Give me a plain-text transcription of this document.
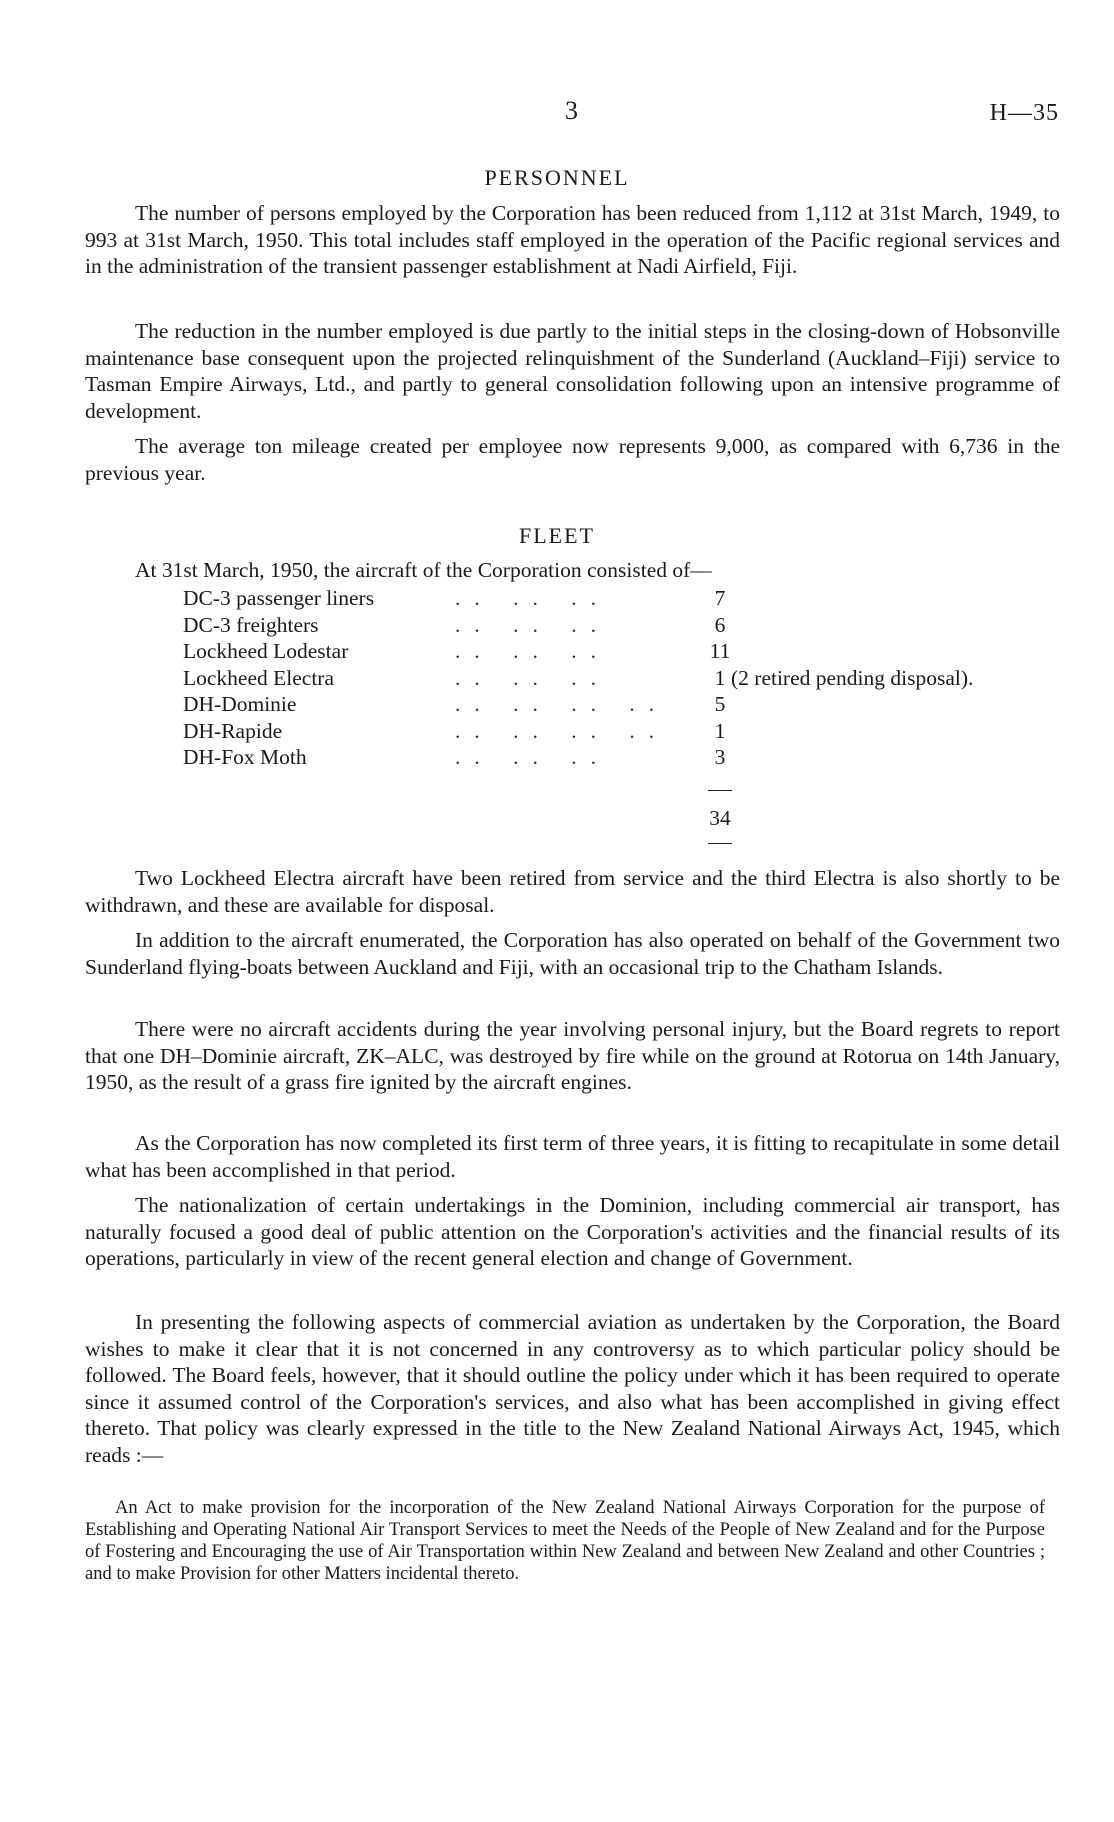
3	H—35
PERSONNEL

The number of persons employed by the Corporation has been reduced from 1,112 at 31st March, 1949, to 993 at 31st March, 1950. This total includes staff employed in the operation of the Pacific regional services and in the administration of the transient passenger establishment at Nadi Airfield, Fiji.

The reduction in the number employed is due partly to the initial steps in the closing-down of Hobsonville maintenance base consequent upon the projected relinquishment of the Sunderland (Auckland–Fiji) service to Tasman Empire Airways, Ltd., and partly to general consolidation following upon an intensive programme of development.

The average ton mileage created per employee now represents 9,000, as compared with 6,736 in the previous year.

FLEET
At 31st March, 1950, the aircraft of the Corporation consisted of—
DC-3 passenger liners	.. .. ..	7
DC-3 freighters	.. .. ..	6
Lockheed Lodestar	.. .. ..	11
Lockheed Electra	.. .. ..	1 (2 retired pending disposal).
DH-Dominie	.. .. .. ..	5
DH-Rapide	.. .. .. ..	1
DH-Fox Moth	.. .. ..	3
34

Two Lockheed Electra aircraft have been retired from service and the third Electra is also shortly to be withdrawn, and these are available for disposal.

In addition to the aircraft enumerated, the Corporation has also operated on behalf of the Government two Sunderland flying-boats between Auckland and Fiji, with an occasional trip to the Chatham Islands.

There were no aircraft accidents during the year involving personal injury, but the Board regrets to report that one DH–Dominie aircraft, ZK–ALC, was destroyed by fire while on the ground at Rotorua on 14th January, 1950, as the result of a grass fire ignited by the aircraft engines.

As the Corporation has now completed its first term of three years, it is fitting to recapitulate in some detail what has been accomplished in that period.

The nationalization of certain undertakings in the Dominion, including commercial air transport, has naturally focused a good deal of public attention on the Corporation's activities and the financial results of its operations, particularly in view of the recent general election and change of Government.

In presenting the following aspects of commercial aviation as undertaken by the Corporation, the Board wishes to make it clear that it is not concerned in any controversy as to which particular policy should be followed. The Board feels, however, that it should outline the policy under which it has been required to operate since it assumed control of the Corporation's services, and also what has been accomplished in giving effect thereto. That policy was clearly expressed in the title to the New Zealand National Airways Act, 1945, which reads :—

An Act to make provision for the incorporation of the New Zealand National Airways Corporation for the purpose of Establishing and Operating National Air Transport Services to meet the Needs of the People of New Zealand and for the Purpose of Fostering and Encouraging the use of Air Transportation within New Zealand and between New Zealand and other Countries ; and to make Provision for other Matters incidental thereto.
